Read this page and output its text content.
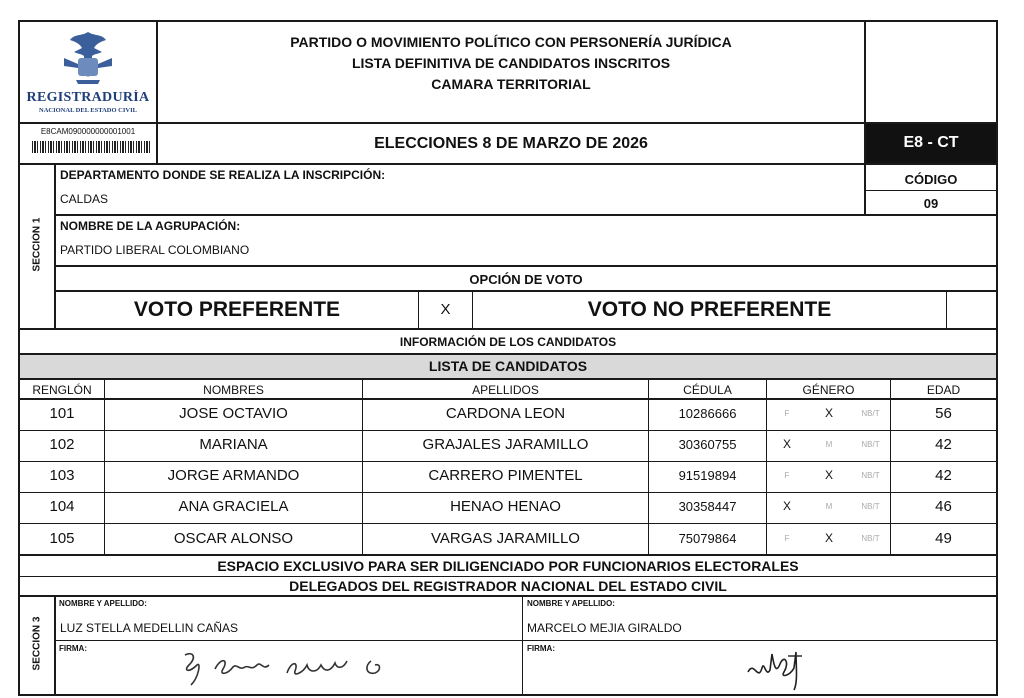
REGISTRADURÍA
NACIONAL DEL ESTADO CIVIL
PARTIDO O MOVIMIENTO POLÍTICO CON PERSONERÍA JURÍDICA
LISTA DEFINITIVA DE CANDIDATOS INSCRITOS
CAMARA TERRITORIAL
E8CAM090000000001001
ELECCIONES 8 DE MARZO DE 2026	E8 - CT
SECCIÓN 1
DEPARTAMENTO DONDE SE REALIZA LA INSCRIPCIÓN:
CALDAS
CÓDIGO
09
NOMBRE DE LA AGRUPACIÓN:
PARTIDO LIBERAL COLOMBIANO
OPCIÓN DE VOTO
VOTO PREFERENTE	X	VOTO NO PREFERENTE
INFORMACIÓN DE LOS CANDIDATOS
LISTA DE CANDIDATOS
RENGLÓN	NOMBRES	APELLIDOS	CÉDULA	GÉNERO	EDAD
101	JOSE OCTAVIO	CARDONA LEON	10286666	F	X	NB/T	56
102	MARIANA	GRAJALES JARAMILLO	30360755	X	M	NB/T	42
103	JORGE ARMANDO	CARRERO PIMENTEL	91519894	F	X	NB/T	42
104	ANA GRACIELA	HENAO HENAO	30358447	X	M	NB/T	46
105	OSCAR ALONSO	VARGAS JARAMILLO	75079864	F	X	NB/T	49
ESPACIO EXCLUSIVO PARA SER DILIGENCIADO POR FUNCIONARIOS ELECTORALES
DELEGADOS DEL REGISTRADOR NACIONAL DEL ESTADO CIVIL
SECCIÓN 3
NOMBRE Y APELLIDO:
LUZ STELLA MEDELLIN CAÑAS
FIRMA:
NOMBRE Y APELLIDO:
MARCELO MEJIA GIRALDO
FIRMA:
